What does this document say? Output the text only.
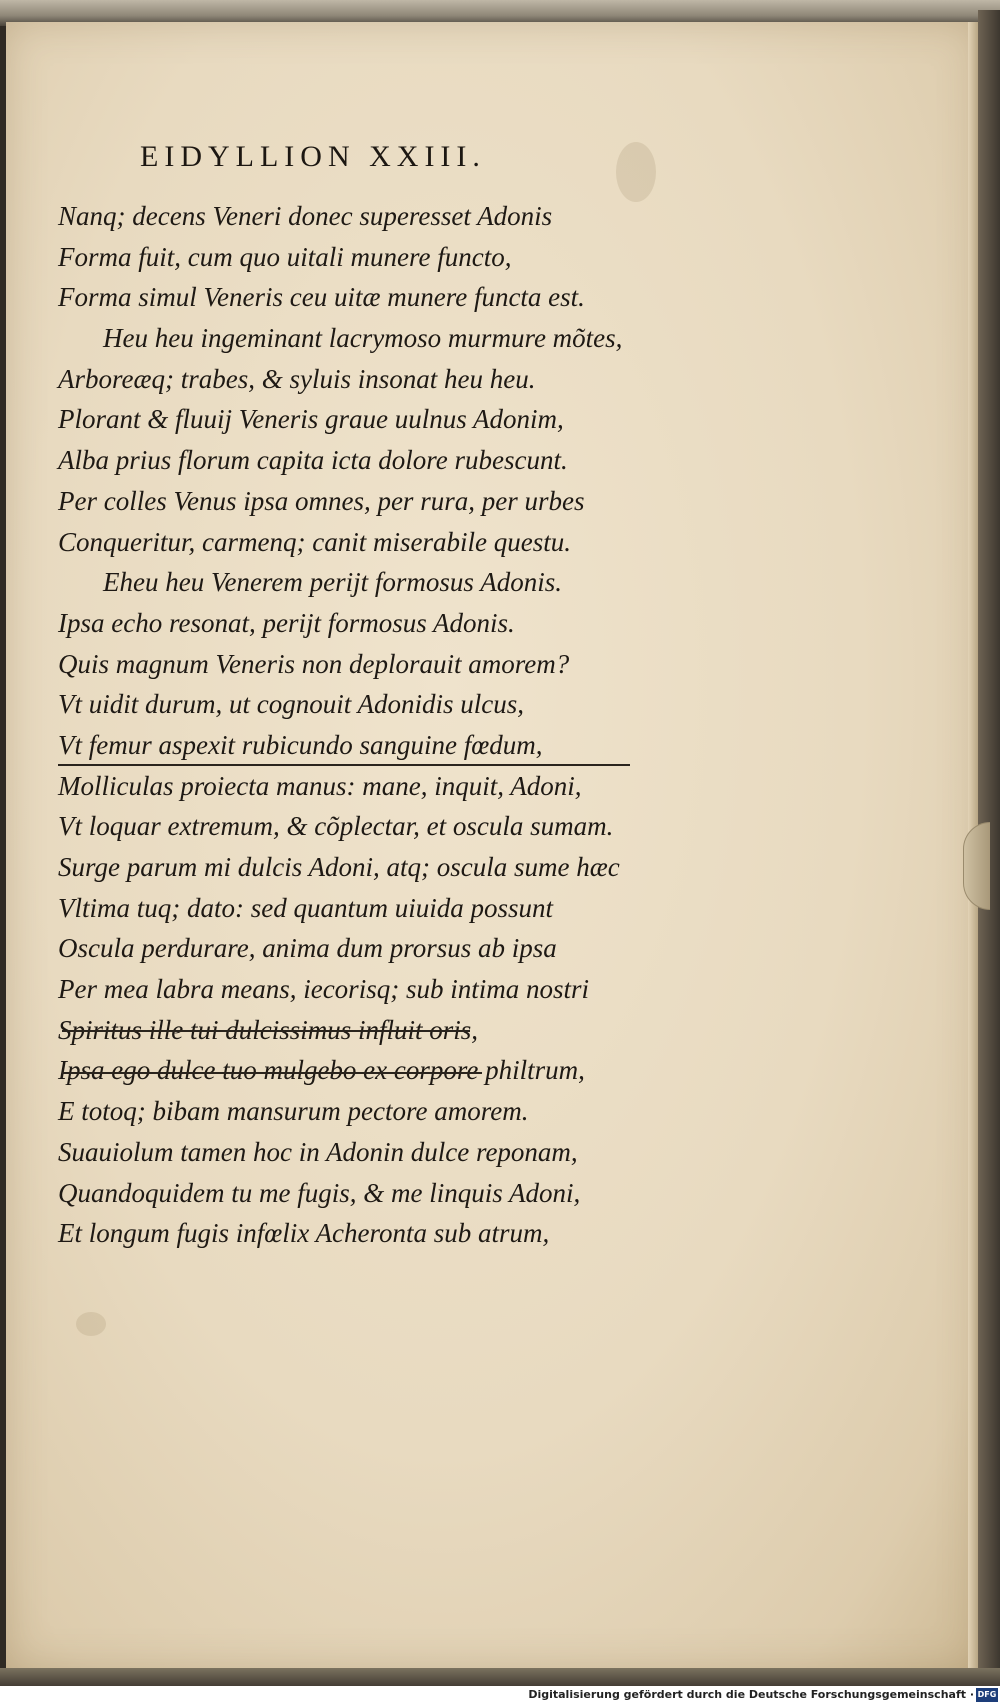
EIDYLLION XXIII.
Nanq; decens Veneri donec superesset Adonis
Forma fuit, cum quo uitali munere functo,
Forma simul Veneris ceu uitæ munere functa est.
Heu heu ingeminant lacrymoso murmure mõtes,
Arboreæq; trabes, & syluis insonat heu heu.
Plorant & fluuij Veneris graue uulnus Adonim,
Alba prius florum capita icta dolore rubescunt.
Per colles Venus ipsa omnes, per rura, per urbes
Conqueritur, carmenq; canit miserabile questu.
Eheu heu Venerem perijt formosus Adonis.
Ipsa echo resonat, perijt formosus Adonis.
Quis magnum Veneris non deplorauit amorem?
Vt uidit durum, ut cognouit Adonidis ulcus,
Vt femur aspexit rubicundo sanguine fœdum,
Molliculas proiecta manus: mane, inquit, Adoni,
Vt loquar extremum, & cõplectar, et oscula sumam.
Surge parum mi dulcis Adoni, atq; oscula sume hæc
Vltima tuq; dato: sed quantum uiuida possunt
Oscula perdurare, anima dum prorsus ab ipsa
Per mea labra means, iecorisq; sub intima nostri
Spiritus ille tui dulcissimus influit oris,
Ipsa ego dulce tuo mulgebo ex corpore philtrum,
E totoq; bibam mansurum pectore amorem.
Suauiolum tamen hoc in Adonin dulce reponam,
Quandoquidem tu me fugis, & me linquis Adoni,
Et longum fugis infœlix Acheronta sub atrum,
Digitalisierung gefördert durch die Deutsche Forschungsgemeinschaft · DFG
